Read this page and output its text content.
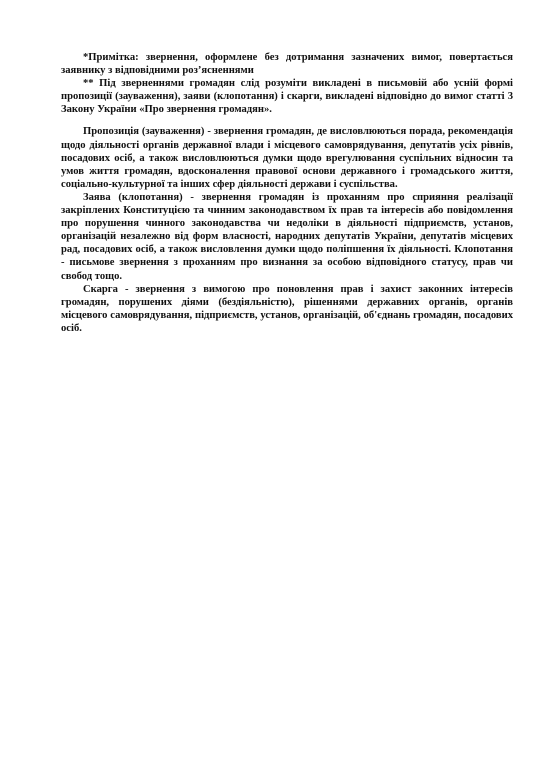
*Примітка: звернення, оформлене без дотримання зазначених вимог, повертається заявнику з відповідними роз’ясненнями

** Під зверненнями громадян слід розуміти викладені в письмовій або усній формі пропозиції (зауваження), заяви (клопотання) і скарги, викладені відповідно до вимог статті 3 Закону України «Про звернення громадян».

Пропозиція (зауваження) - звернення громадян, де висловлюються порада, рекомендація щодо діяльності органів державної влади і місцевого самоврядування, депутатів усіх рівнів, посадових осіб, а також висловлюються думки щодо врегулювання суспільних відносин та умов життя громадян, вдосконалення правової основи державного і громадського життя, соціально-культурної та інших сфер діяльності держави і суспільства.

Заява (клопотання) - звернення громадян із проханням про сприяння реалізації закріплених Конституцією та чинним законодавством їх прав та інтересів або повідомлення про порушення чинного законодавства чи недоліки в діяльності підприємств, установ, організацій незалежно від форм власності, народних депутатів України, депутатів місцевих рад, посадових осіб, а також висловлення думки щодо поліпшення їх діяльності. Клопотання - письмове звернення з проханням про визнання за особою відповідного статусу, прав чи свобод тощо.

Скарга - звернення з вимогою про поновлення прав і захист законних інтересів громадян, порушених діями (бездіяльністю), рішеннями державних органів, органів місцевого самоврядування, підприємств, установ, організацій, об'єднань громадян, посадових осіб.
